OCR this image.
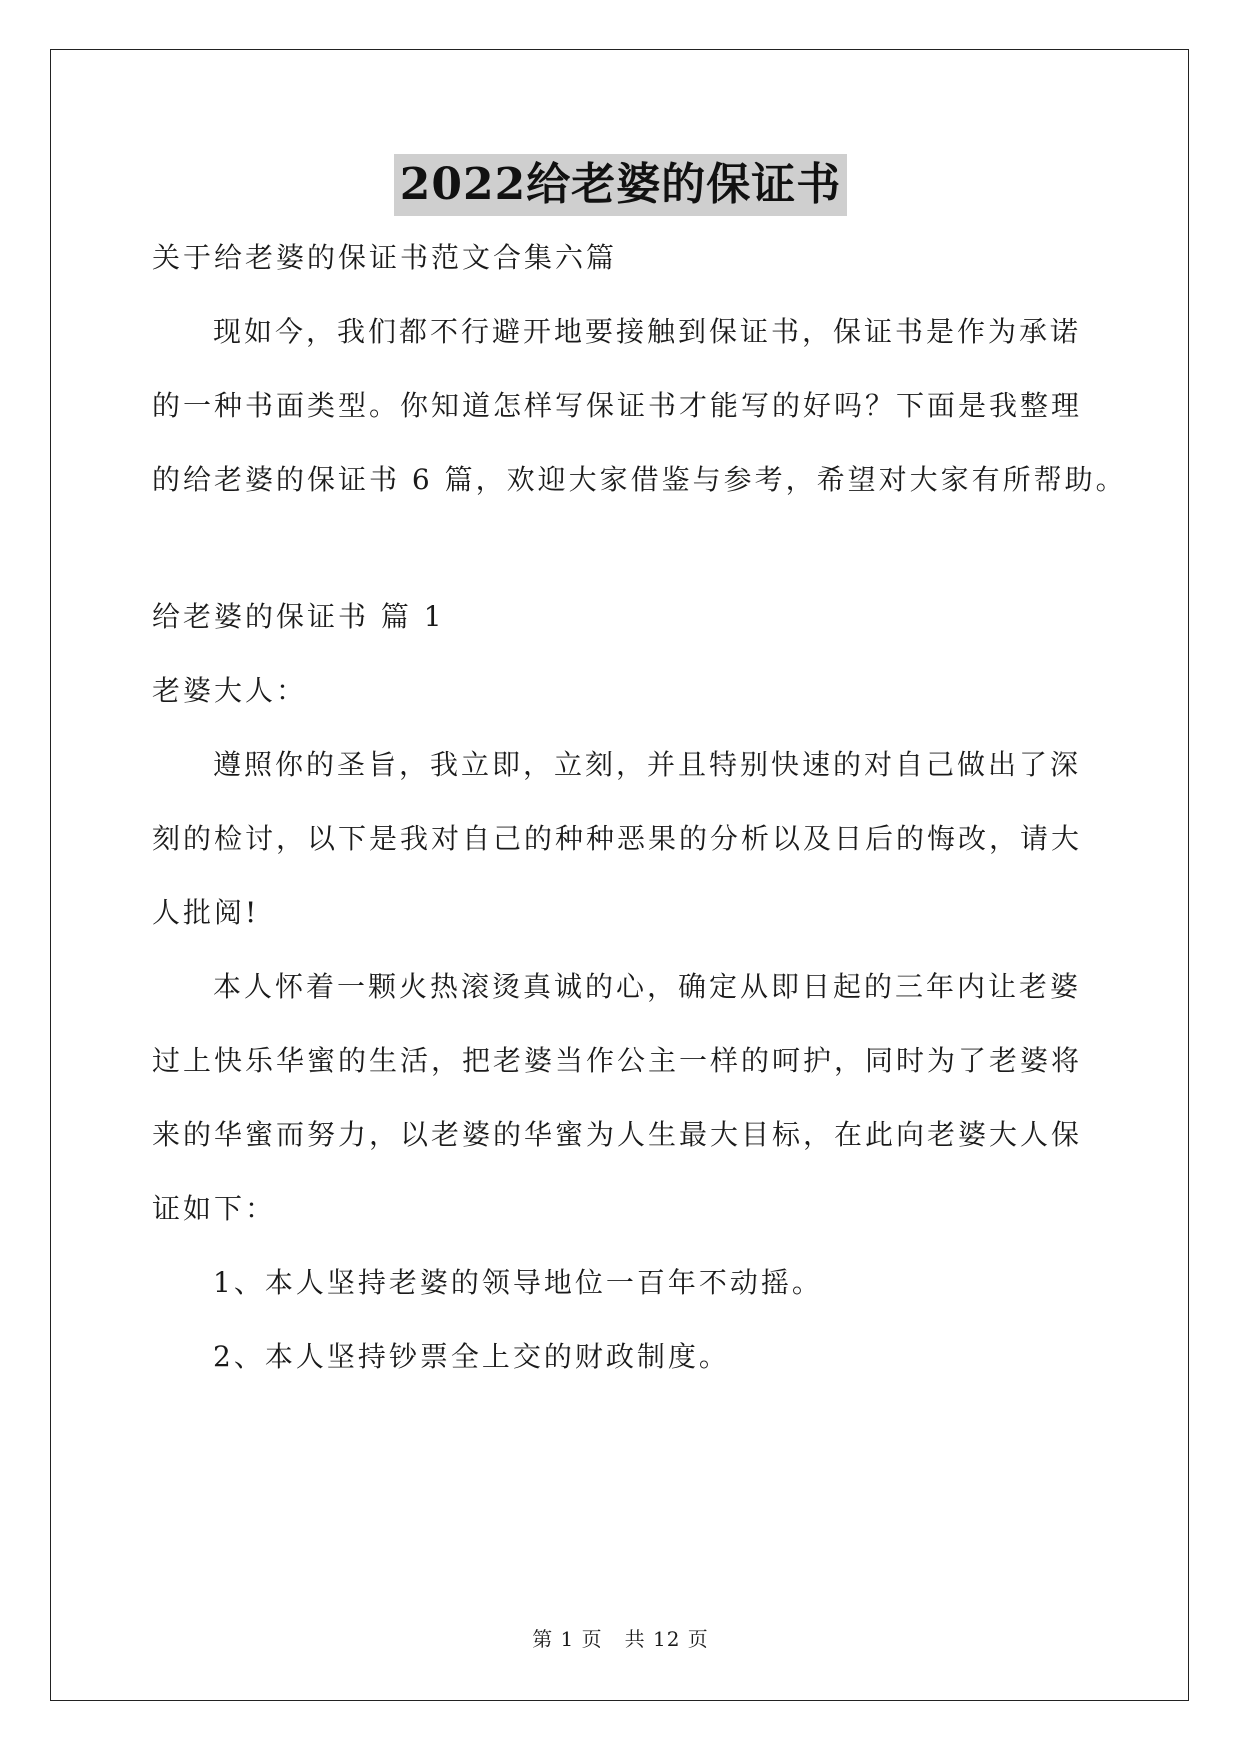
2022给老婆的保证书
关于给老婆的保证书范文合集六篇
现如今，我们都不行避开地要接触到保证书，保证书是作为承诺
的一种书面类型。你知道怎样写保证书才能写的好吗？下面是我整理
的给老婆的保证书 6 篇，欢迎大家借鉴与参考，希望对大家有所帮助。
给老婆的保证书 篇 1
老婆大人：
遵照你的圣旨，我立即，立刻，并且特别快速的对自己做出了深
刻的检讨，以下是我对自己的种种恶果的分析以及日后的悔改，请大
人批阅!
本人怀着一颗火热滚烫真诚的心，确定从即日起的三年内让老婆
过上快乐华蜜的生活，把老婆当作公主一样的呵护，同时为了老婆将
来的华蜜而努力，以老婆的华蜜为人生最大目标，在此向老婆大人保
证如下：
1、本人坚持老婆的领导地位一百年不动摇。
2、本人坚持钞票全上交的财政制度。
第 1 页 共 12 页
